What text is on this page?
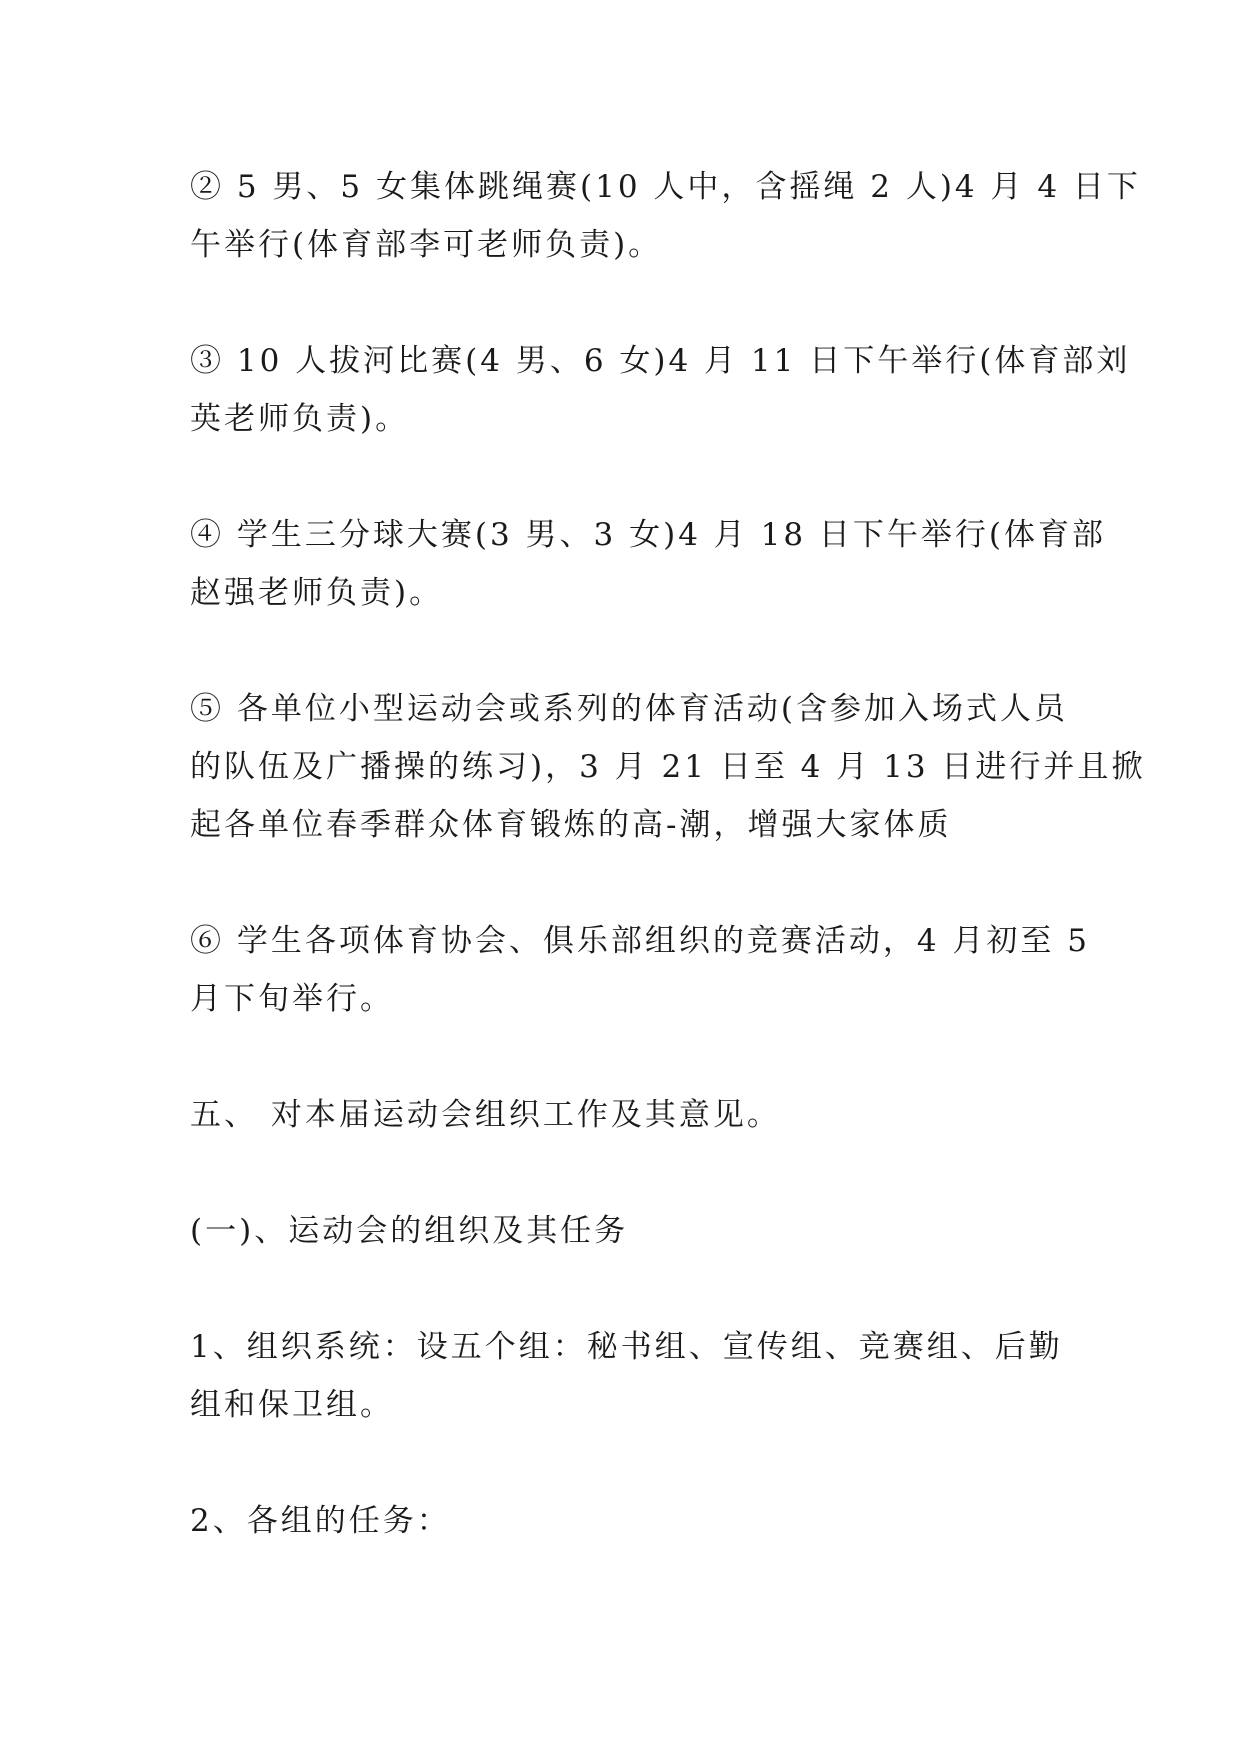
② 5 男、5 女集体跳绳赛(10 人中，含摇绳 2 人)4 月 4 日下
午举行(体育部李可老师负责)。

③ 10 人拔河比赛(4 男、6 女)4 月 11 日下午举行(体育部刘
英老师负责)。

④ 学生三分球大赛(3 男、3 女)4 月 18 日下午举行(体育部
赵强老师负责)。

⑤ 各单位小型运动会或系列的体育活动(含参加入场式人员
的队伍及广播操的练习)，3 月 21 日至 4 月 13 日进行并且掀
起各单位春季群众体育锻炼的高-潮，增强大家体质

⑥ 学生各项体育协会、俱乐部组织的竞赛活动，4 月初至 5
月下旬举行。

五、 对本届运动会组织工作及其意见。

(一)、运动会的组织及其任务

1、组织系统：设五个组：秘书组、宣传组、竞赛组、后勤
组和保卫组。

2、各组的任务：
